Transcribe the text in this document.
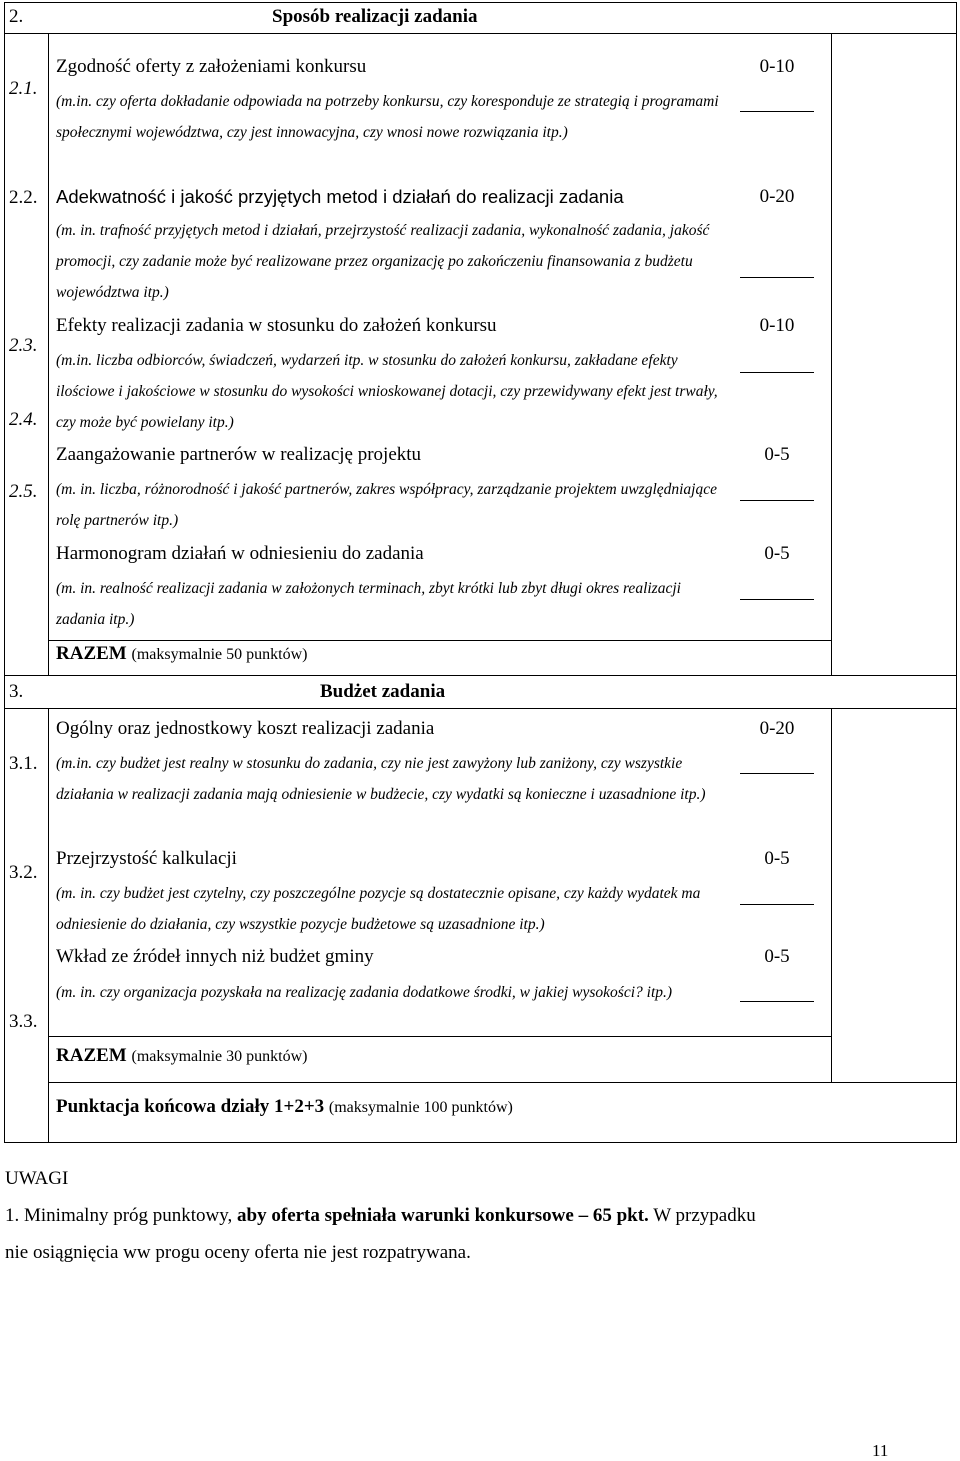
2.	Sposób realizacji zadania
2.1.
2.2.
2.3.
2.4.
2.5.
Zgodność oferty z założeniami konkursu
(m.in. czy oferta dokładanie odpowiada na potrzeby konkursu, czy koresponduje ze strategią i programami społecznymi województwa, czy jest innowacyjna, czy wnosi nowe rozwiązania itp.)
0-10
Adekwatność i jakość przyjętych metod i działań do realizacji zadania
(m. in. trafność przyjętych metod i działań, przejrzystość realizacji zadania, wykonalność zadania, jakość promocji, czy zadanie może być realizowane przez organizację po zakończeniu finansowania z budżetu województwa itp.)
0-20
Efekty realizacji zadania w stosunku do założeń konkursu
(m.in. liczba odbiorców, świadczeń, wydarzeń itp. w stosunku do założeń konkursu, zakładane efekty ilościowe i jakościowe w stosunku do wysokości wnioskowanej dotacji, czy przewidywany efekt jest trwały, czy może być powielany itp.)
0-10
Zaangażowanie partnerów w realizację projektu
(m. in. liczba, różnorodność i jakość partnerów, zakres współpracy, zarządzanie projektem uwzględniające rolę partnerów itp.)
0-5
Harmonogram działań w odniesieniu do zadania
(m. in. realność realizacji zadania w założonych terminach, zbyt krótki lub zbyt długi okres realizacji zadania itp.)
0-5
RAZEM (maksymalnie 50 punktów)
3.	Budżet zadania
3.1.
3.2.
3.3.
Ogólny oraz jednostkowy koszt realizacji zadania
(m.in. czy budżet jest realny w stosunku do zadania, czy nie jest zawyżony lub zaniżony, czy wszystkie działania w realizacji zadania mają odniesienie w budżecie, czy wydatki są konieczne i uzasadnione itp.)
0-20
Przejrzystość kalkulacji
(m. in. czy budżet jest czytelny, czy poszczególne pozycje są dostatecznie opisane, czy każdy wydatek ma odniesienie do działania, czy wszystkie pozycje budżetowe są uzasadnione itp.)
0-5
Wkład ze źródeł innych niż budżet gminy
(m. in. czy organizacja pozyskała na realizację zadania dodatkowe środki, w jakiej wysokości? itp.)
0-5
RAZEM (maksymalnie 30 punktów)
Punktacja końcowa działy 1+2+3 (maksymalnie 100 punktów)
UWAGI
1. Minimalny próg punktowy, aby oferta spełniała warunki konkursowe – 65 pkt. W przypadku
nie osiągnięcia ww progu oceny oferta nie jest rozpatrywana.
11
